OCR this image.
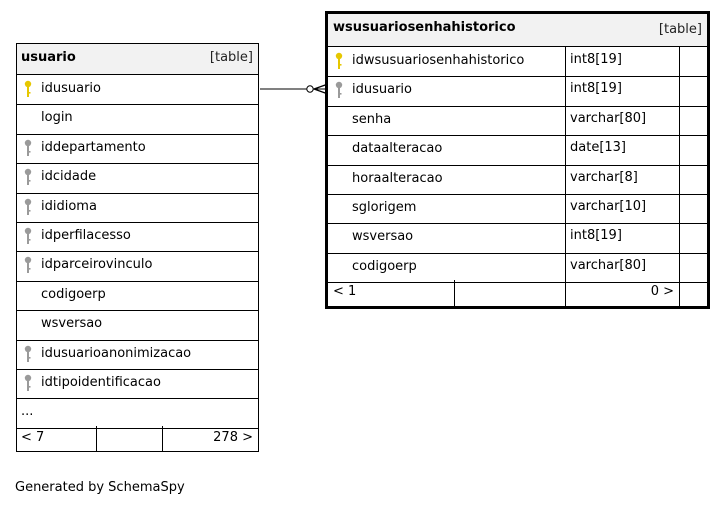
usuario	[table]
idusuario
login
iddepartamento
idcidade
ididioma
idperfilacesso
idparceirovinculo
codigoerp
wsversao
idusuarioanonimizacao
idtipoidentificacao
...
< 7	278 >
wsusuariosenhahistorico	[table]
idwsusuariosenhahistorico	int8[19]
idusuario	int8[19]
senha	varchar[80]
dataalteracao	date[13]
horaalteracao	varchar[8]
sglorigem	varchar[10]
wsversao	int8[19]
codigoerp	varchar[80]
< 1	0 >
Generated by SchemaSpy
